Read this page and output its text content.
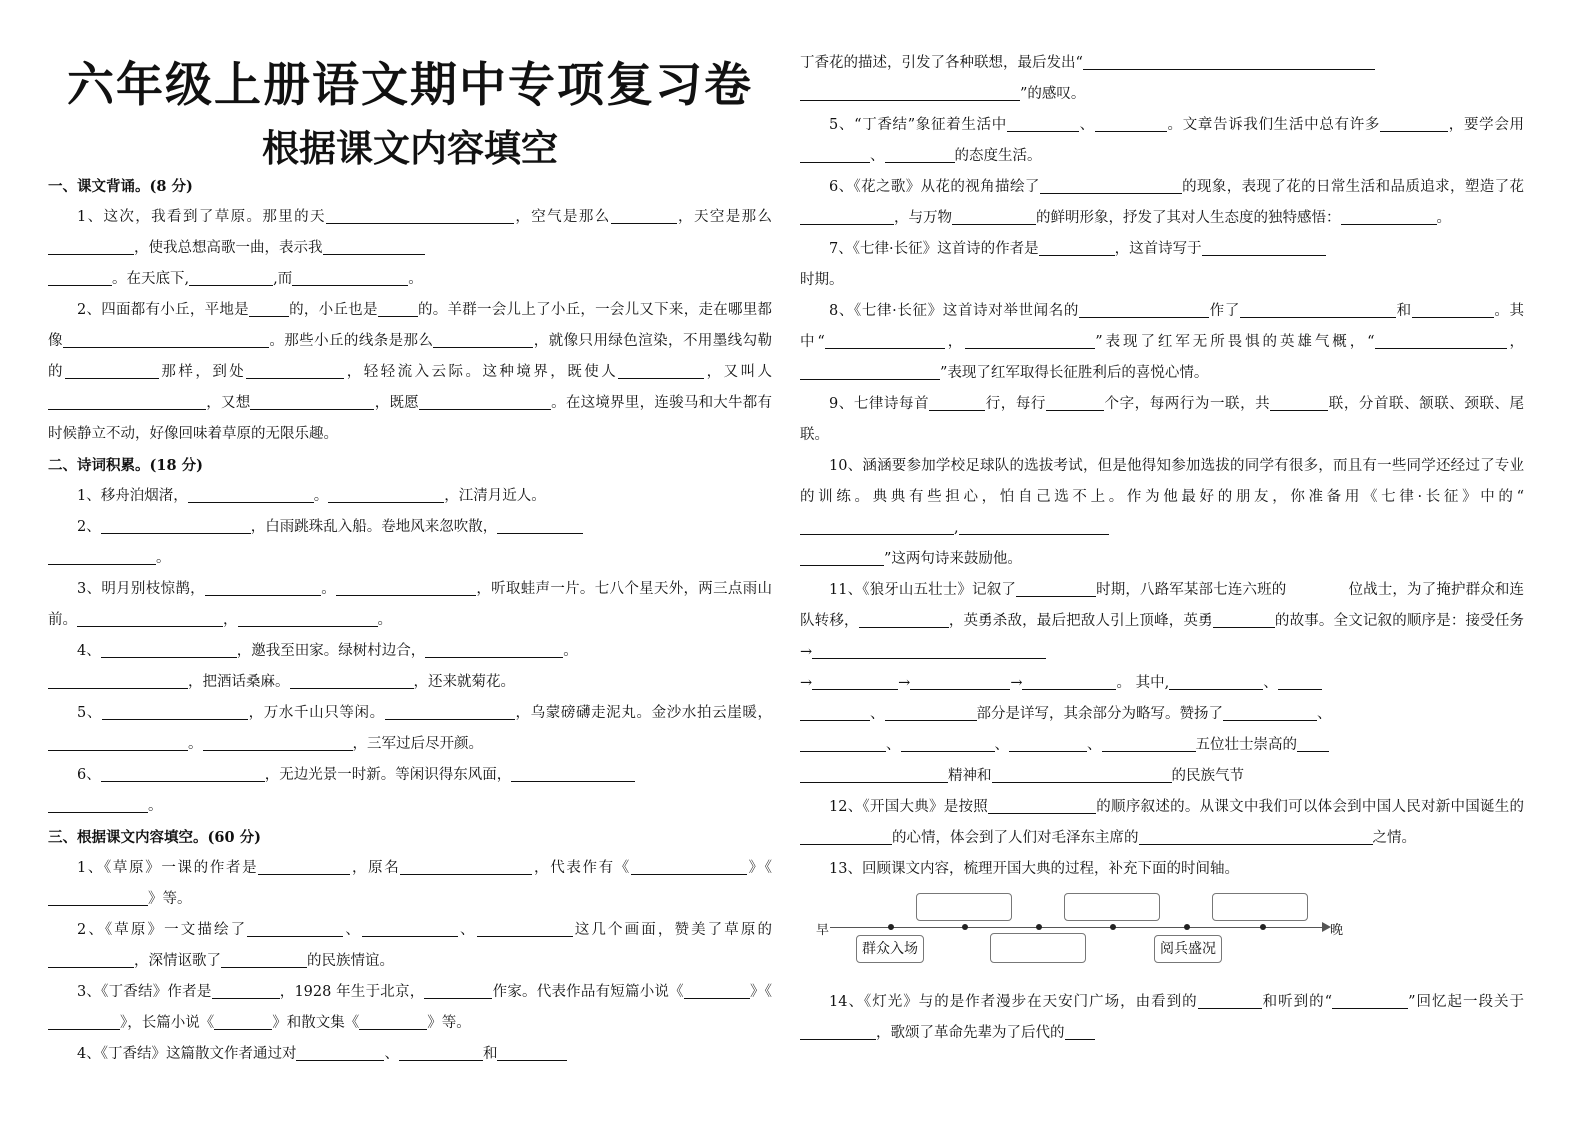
六年级上册语文期中专项复习卷
根据课文内容填空

一、课文背诵。(8 分)

1、这次，我看到了草原。那里的天	，空气是那么	，天空是那么，使我总想高歌一曲，表示我
。在天底下,	,而	。

2、四面都有小丘，平地是	的，小丘也是	的。羊群一会儿上了小丘，一会儿又下来，走在哪里都像	。那些小丘的线条是那么	，就像只用绿色渲染，不用墨线勾勒的	那样，到处	，轻轻流入云际。这种境界，既使人	，又叫人，又想	，既愿	。在这境界里，连骏马和大牛都有时候静立不动，好像回味着草原的无限乐趣。

二、诗词积累。(18 分)

1、移舟泊烟渚，	。	，江清月近人。

2、	，白雨跳珠乱入船。卷地风来忽吹散，
。

3、明月别枝惊鹊，	。	，听取蛙声一片。七八个星天外，两三点雨山前。	，	。

4、	，邀我至田家。绿树村边合，	。
，把酒话桑麻。	，还来就菊花。

5、	，万水千山只等闲。	，乌蒙磅礴走泥丸。金沙水拍云崖暖，。	，三军过后尽开颜。

6、	，无边光景一时新。等闲识得东风面，
。

三、根据课文内容填空。(60 分)

1、《草原》一课的作者是	，原名	，代表作有《	》《》等。

2、《草原》一文描绘了	、	、	这几个画面，赞美了草原的，深情讴歌了	的民族情谊。

3、《丁香结》作者是	，1928 年生于北京，	作家。代表作品有短篇小说《	》《》，长篇小说《	》和散文集《	》等。

4、《丁香结》这篇散文作者通过对	、	和

丁香花的描述，引发了各种联想，最后发出“
”的感叹。

5、“丁香结”象征着生活中	、	。文章告诉我们生活中总有许多	，要学会用、	的态度生活。

6、《花之歌》从花的视角描绘了	的现象，表现了花的日常生活和品质追求，塑造了花，与万物	的鲜明形象，抒发了其对人生态度的独特感悟：	。

7、《七律·长征》这首诗的作者是	，这首诗写于
时期。

8、《七律·长征》这首诗对举世闻名的	作了	和	。其中“	，	”表现了红军无所畏惧的英雄气概，“	，”表现了红军取得长征胜利后的喜悦心情。

9、七律诗每首	行，每行	个字，每两行为一联，共	联，分首联、颔联、颈联、尾联。

10、涵涵要参加学校足球队的选拔考试，但是他得知参加选拔的同学有很多，而且有一些同学还经过了专业的训练。典典有些担心，怕自己选不上。作为他最好的朋友，你准备用《七律·长征》中的“,
”这两句诗来鼓励他。

11、《狼牙山五壮士》记叙了	时期，八路军某部七连六班的	位战士，为了掩护群众和连队转移，	，英勇杀敌，最后把敌人引上顶峰，英勇	的故事。全文记叙的顺序是：接受任务→
→	→	→	。 其中,	、
、	部分是详写，其余部分为略写。赞扬了	、
、	、	、	五位壮士崇高的
精神和	的民族气节

12、《开国大典》是按照	的顺序叙述的。从课文中我们可以体会到中国人民对新中国诞生的的心情，体会到了人们对毛泽东主席的	之情。

13、回顾课文内容，梳理开国大典的过程，补充下面的时间轴。

早	晚
群众入场	阅兵盛况

14、《灯光》与的是作者漫步在天安门广场，由看到的	和听到的“	”回忆起一段关于，歌颂了革命先辈为了后代的
